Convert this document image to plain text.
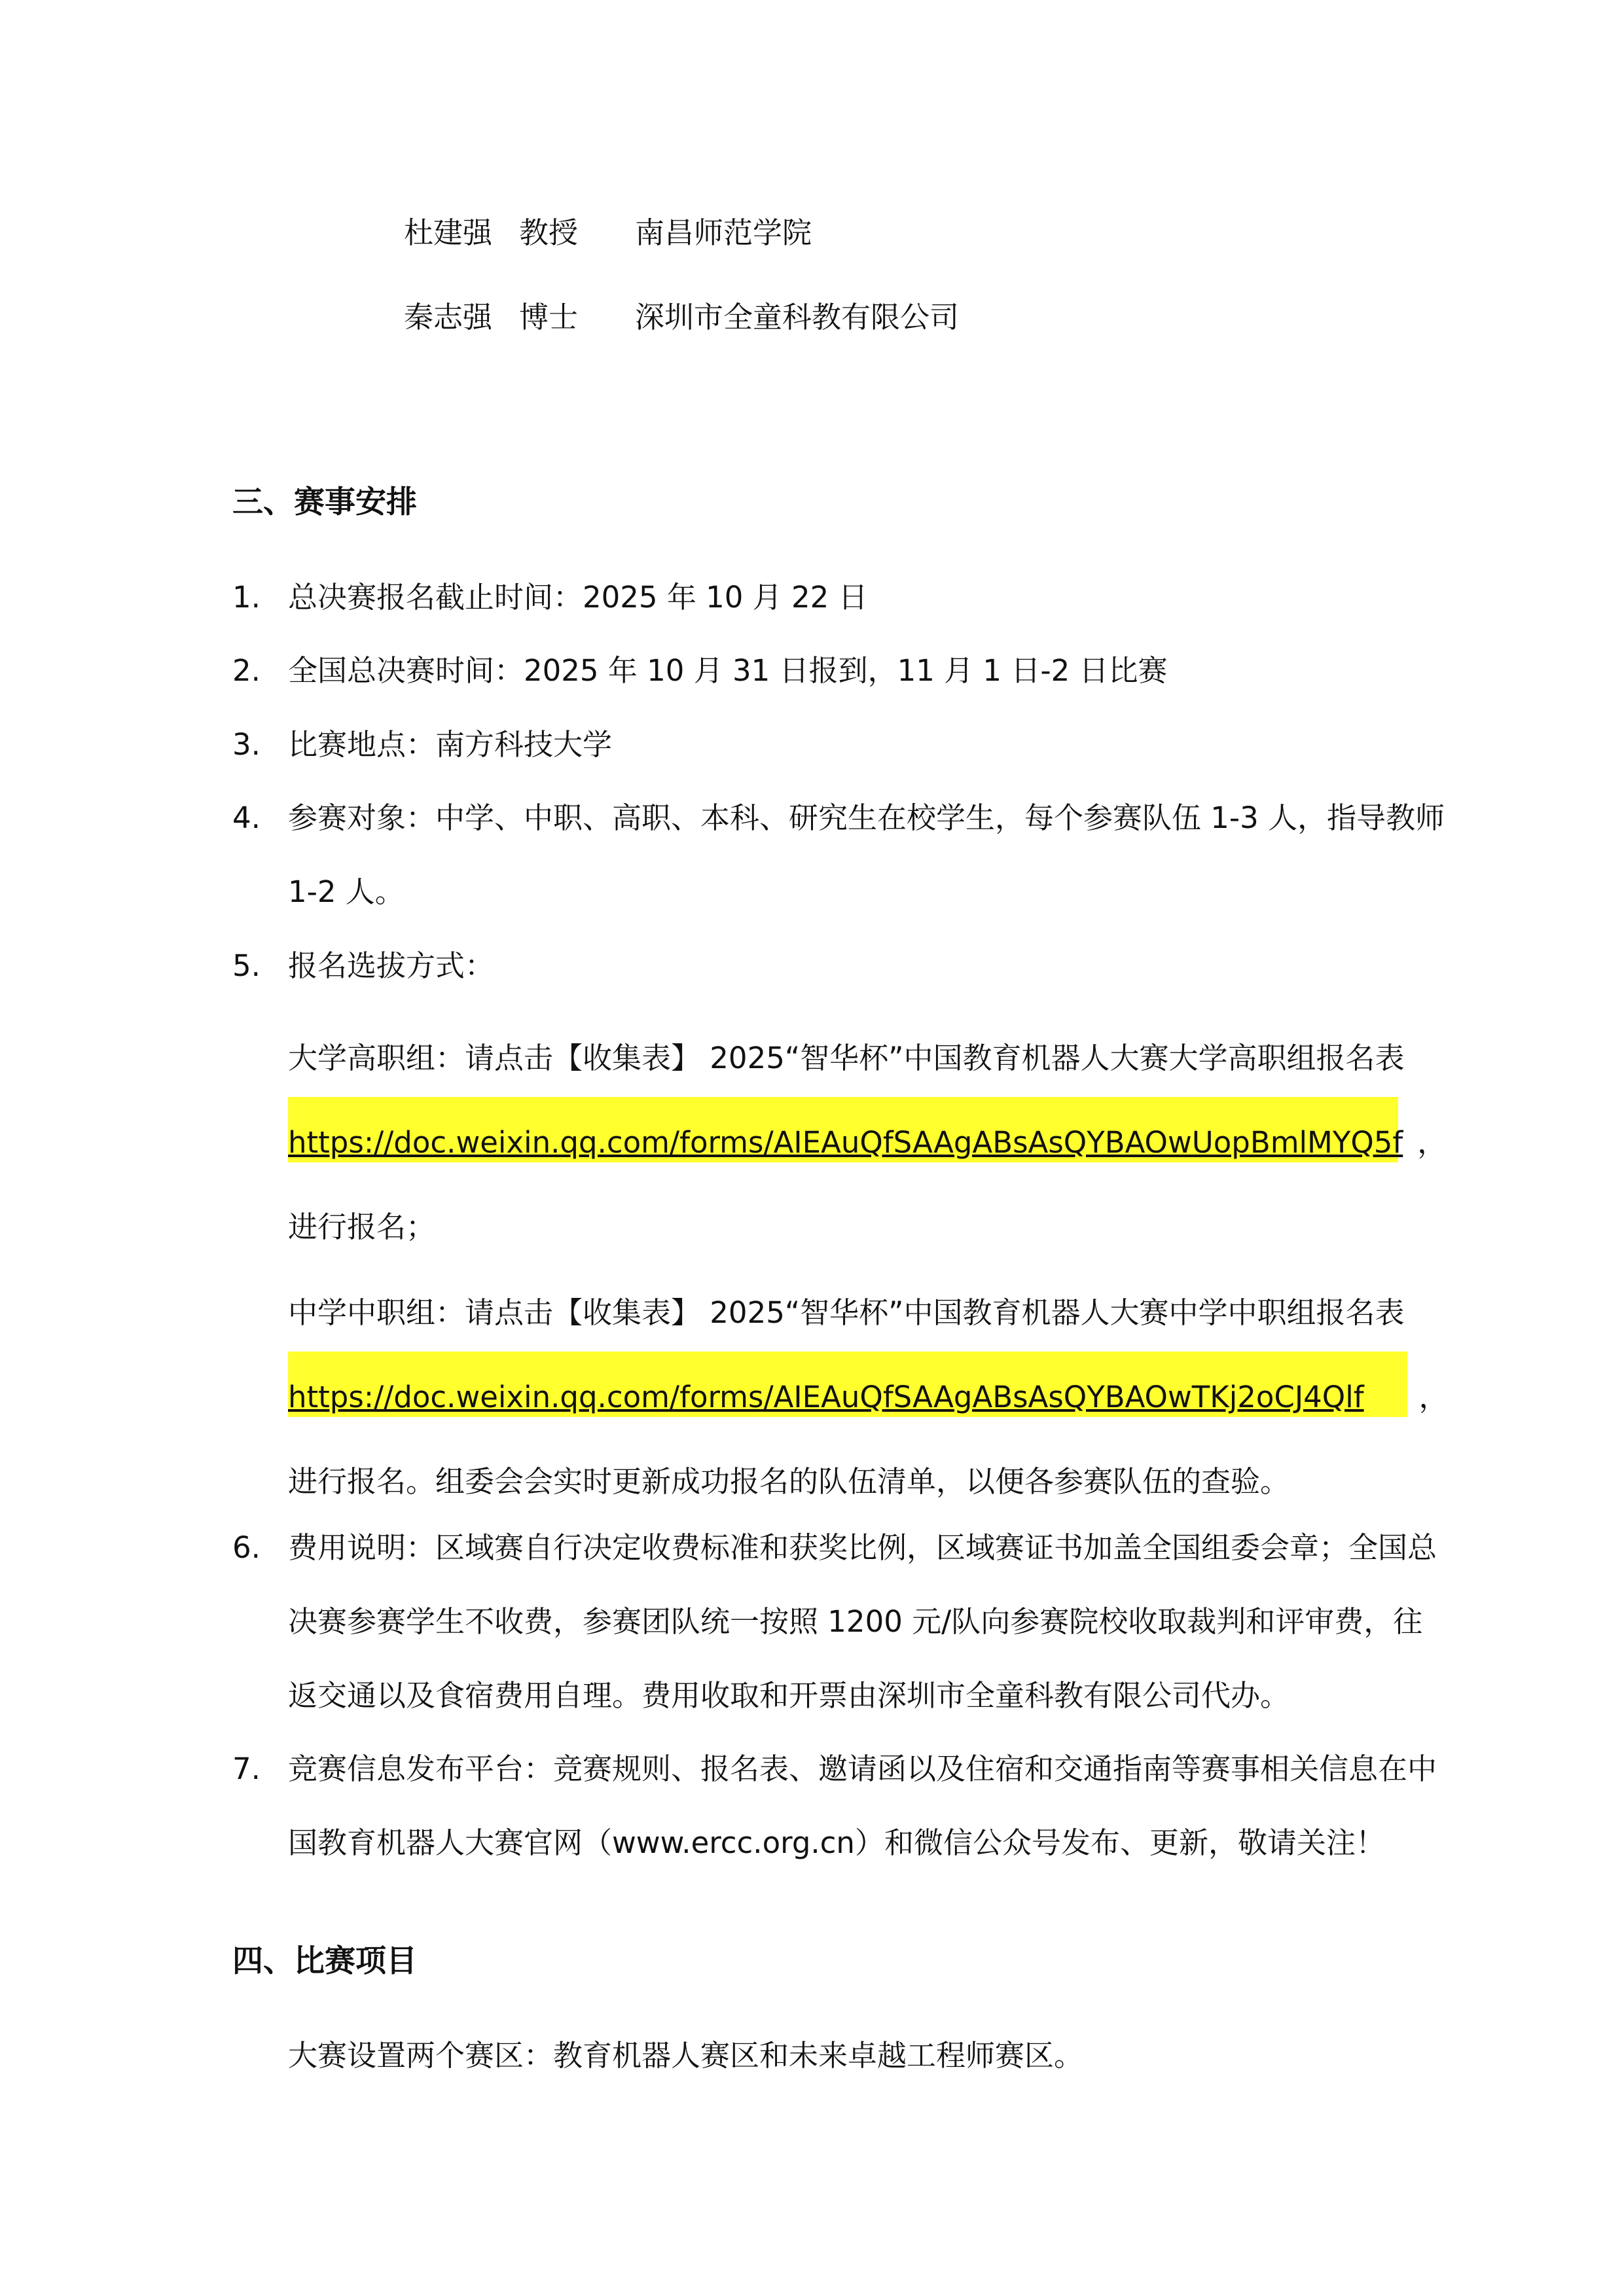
杜建强 教授 南昌师范学院
秦志强 博士 深圳市全童科教有限公司
三、赛事安排
1. 总决赛报名截止时间：2025 年 10 月 22 日
2. 全国总决赛时间：2025 年 10 月 31 日报到，11 月 1 日-2 日比赛
3. 比赛地点：南方科技大学
4. 参赛对象：中学、中职、高职、本科、研究生在校学生，每个参赛队伍 1-3 人，指导教师
1-2 人。
5. 报名选拔方式：
大学高职组：请点击【收集表】 2025“智华杯”中国教育机器人大赛大学高职组报名表
https://doc.weixin.qq.com/forms/AIEAuQfSAAgABsAsQYBAOwUopBmlMYQ5f ，
进行报名；
中学中职组：请点击【收集表】 2025“智华杯”中国教育机器人大赛中学中职组报名表
https://doc.weixin.qq.com/forms/AIEAuQfSAAgABsAsQYBAOwTKj2oCJ4Qlf ，
进行报名。组委会会实时更新成功报名的队伍清单，以便各参赛队伍的查验。
6. 费用说明：区域赛自行决定收费标准和获奖比例，区域赛证书加盖全国组委会章；全国总
决赛参赛学生不收费，参赛团队统一按照 1200 元/队向参赛院校收取裁判和评审费，往
返交通以及食宿费用自理。费用收取和开票由深圳市全童科教有限公司代办。
7. 竞赛信息发布平台：竞赛规则、报名表、邀请函以及住宿和交通指南等赛事相关信息在中
国教育机器人大赛官网（www.ercc.org.cn）和微信公众号发布、更新，敬请关注！
四、比赛项目
大赛设置两个赛区：教育机器人赛区和未来卓越工程师赛区。
